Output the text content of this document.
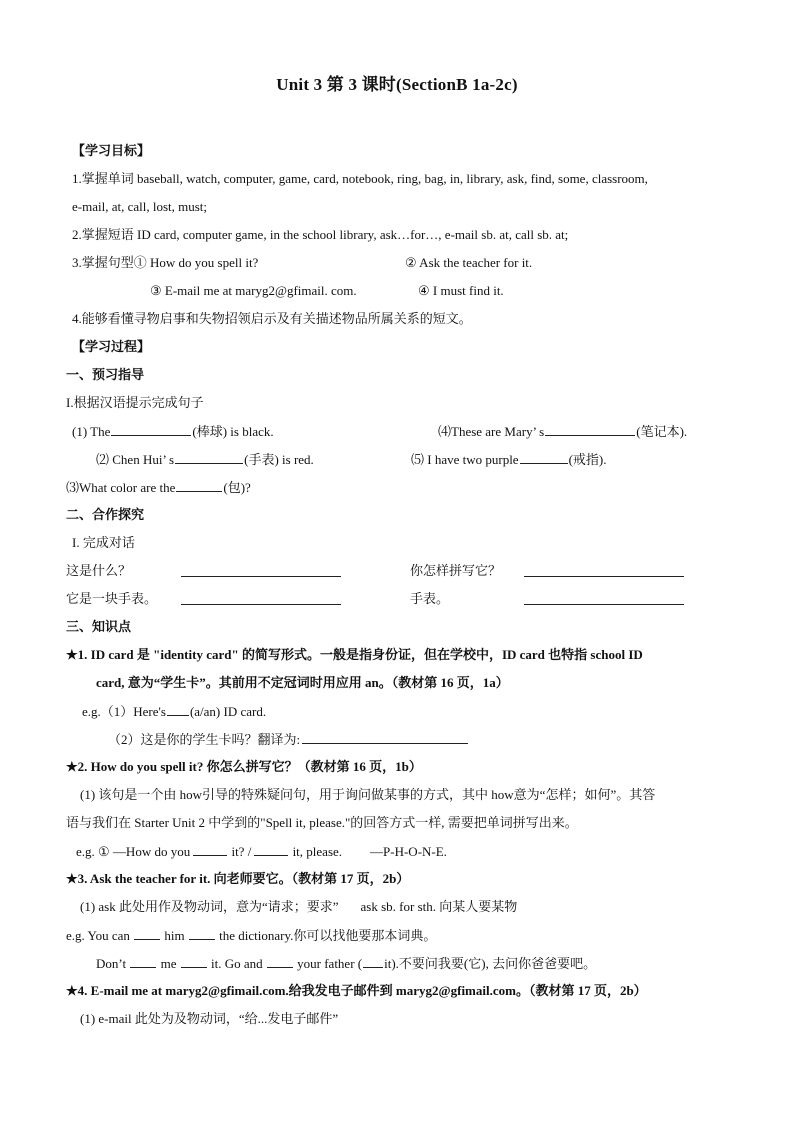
Unit 3 第 3 课时(SectionB 1a-2c)
【学习目标】
1.掌握单词 baseball, watch, computer, game, card, notebook, ring, bag, in, library, ask, find, some, classroom,
e-mail, at, call, lost, must;
2.掌握短语 ID card, computer game, in the school library, ask…for…, e-mail sb. at, call sb. at;
3.掌握句型① How do you spell it?	② Ask the teacher for it.
③ E-mail me at maryg2@gfimail. com.	④ I must find it.
4.能够看懂寻物启事和失物招领启示及有关描述物品所属关系的短文。
【学习过程】
一、预习指导
I.根据汉语提示完成句子
(1) The	(棒球) is black.	⑷These are Mary’ s	(笔记本).
⑵ Chen Hui’ s	(手表) is red.	⑸ I have two purple	(戒指).
⑶What color are the	(包)?
二、合作探究
I. 完成对话
这是什么？	你怎样拼写它？
它是一块手表。	手表。
三、知识点
★1. ID card 是 "identity card" 的简写形式。一般是指身份证，但在学校中，ID card 也特指 school ID
card, 意为“学生卡”。其前用不定冠词时用应用 an。（教材第 16 页，1a）
e.g.（1）Here's (a/an) ID card.
（2）这是你的学生卡吗？翻译为:
★2. How do you spell it? 你怎么拼写它？（教材第 16 页，1b）
(1) 该句是一个由 how引导的特殊疑问句，用于询问做某事的方式，其中 how意为“怎样；如何”。其答
语与我们在 Starter Unit 2 中学到的"Spell it, please."的回答方式一样, 需要把单词拼写出来。
e.g. ① —How do you	it? /	it, please. —P-H-O-N-E.
★3. Ask the teacher for it. 向老师要它。（教材第 17 页，2b）
(1) ask 此处用作及物动词，意为“请求；要求” ask sb. for sth. 向某人要某物
e.g. You can	him	the dictionary.你可以找他要那本词典。
Don’t	me	it. Go and	your father ( it).不要问我要(它), 去问你爸爸要吧。
★4. E-mail me at maryg2@gfimail.com.给我发电子邮件到 maryg2@gfimail.com。（教材第 17 页，2b）
(1) e-mail 此处为及物动词，“给...发电子邮件”
